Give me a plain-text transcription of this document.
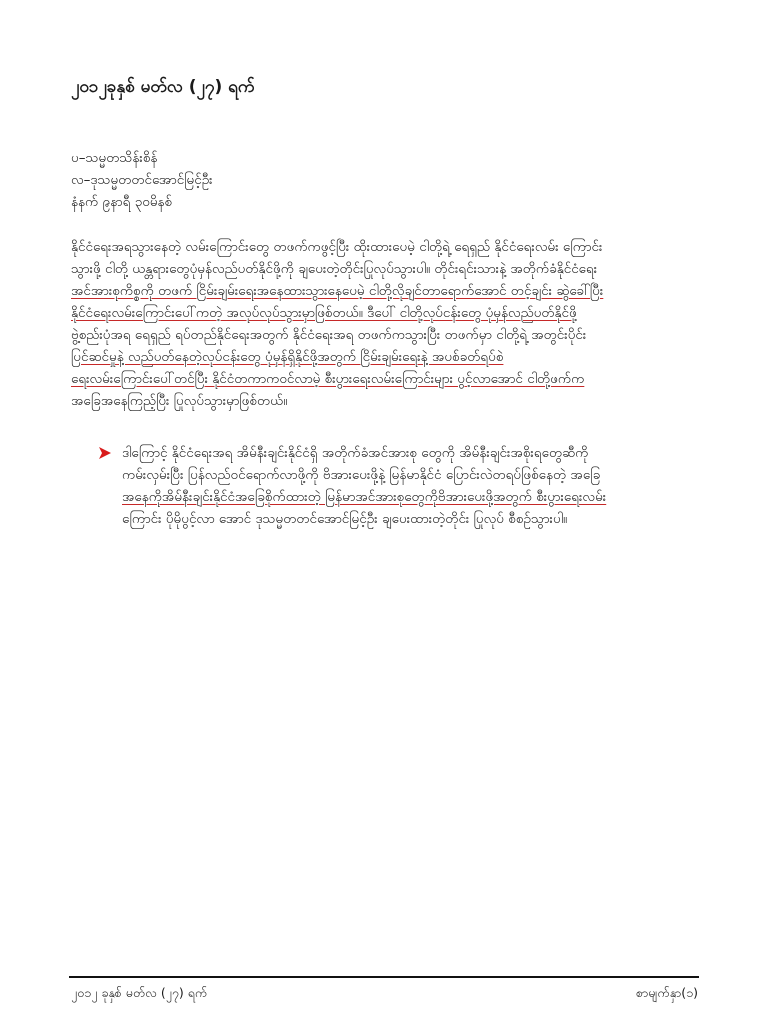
၂၀၁၂ခုနှစ် မတ်လ (၂၇) ရက်
ပ–သမ္မတသိန်းစိန်
လ–ဒုသမ္မတတင်အောင်မြင့်ဦး
နံနက် ၉နာရီ ၃၀မိနစ်
နိုင်ငံရေးအရသွားနေတဲ့ လမ်းကြောင်းတွေ တဖက်ကဖွင့်ပြီး ထိုးထားပေမဲ့ ငါတို့ရဲ့ ရေရှည် နိုင်ငံရေးလမ်း ကြောင်း
သွားဖို့ ငါတို့ ယန္တရားတွေပုံမှန်လည်ပတ်နိုင်ဖို့ကို ချပေးတဲ့တိုင်းပြုလုပ်သွားပါ။ တိုင်းရင်းသားနဲ့ အတိုက်ခံနိုင်ငံရေး
အင်အားစုကိစ္စကို တဖက် ငြိမ်းချမ်းရေးအနေထားသွားနေပေမဲ့ ငါတို့လိုချင်တာရောက်အောင် တင့်ချင်း ဆွဲခေါ်ပြီး
နိုင်ငံရေးလမ်းကြောင်းပေါ်ကတဲ့ အလုပ်လုပ်သွားမှာဖြစ်တယ်။ ဒီပေါ် ငါတို့လုပ်ငန်းတွေ ပုံမှန်လည်ပတ်နိုင်ဖို့
ဗွဲ့စည်းပုံအရ ရေရှည် ရပ်တည်နိုင်ရေးအတွက် နိုင်ငံရေးအရ တဖက်ကသွားပြီး တဖက်မှာ ငါတို့ရဲ့ အတွင်းပိုင်း
ပြင်ဆင်မှုနဲ့ လည်ပတ်နေတဲ့လုပ်ငန်းတွေ ပုံမှန်ရှိနိုင်ဖို့အတွက် ငြိမ်းချမ်းရေးနဲ့ အပစ်ခတ်ရပ်စဲ
ရေးလမ်းကြောင်းပေါ်တင်ပြီး နိုင်ငံတကာကဝင်လာမဲ့ စီးပွားရေးလမ်းကြောင်းများ ပွင့်လာအောင် ငါတို့ဖက်က
အခြေအနေကြည့်ပြီး ပြုလုပ်သွားမှာဖြစ်တယ်။
ဒါကြောင့် နိုင်ငံရေးအရ အိမ်နီးချင်းနိုင်ငံရှိ အတိုက်ခံအင်အားစု တွေကို အိမ်နီးချင်းအစိုးရတွေဆီကို
ကမ်းလှမ်းပြီး ပြန်လည်ဝင်ရောက်လာဖို့ကို ဗိအားပေးဖို့နဲ့ မြန်မာနိုင်ငံ ပြောင်းလဲတရပ်ဖြစ်နေတဲ့ အခြေ
အနေကိုအိမ်နီးချင်းနိုင်ငံအခြေစိုက်ထားတဲ့ မြန်မာအင်အားစုတွေကိုဗိအားပေးဖို့အတွက် စီးပွားရေးလမ်း
ကြောင်း ပိုမိုပွင့်လာ အောင် ဒုသမ္မတတင်အောင်မြင့်ဦး ချပေးထားတဲ့တိုင်း ပြုလုပ် စီစဉ်သွားပါ။
၂၀၁၂ ခုနှစ် မတ်လ (၂၇) ရက်	စာမျက်နှာ(၁)
